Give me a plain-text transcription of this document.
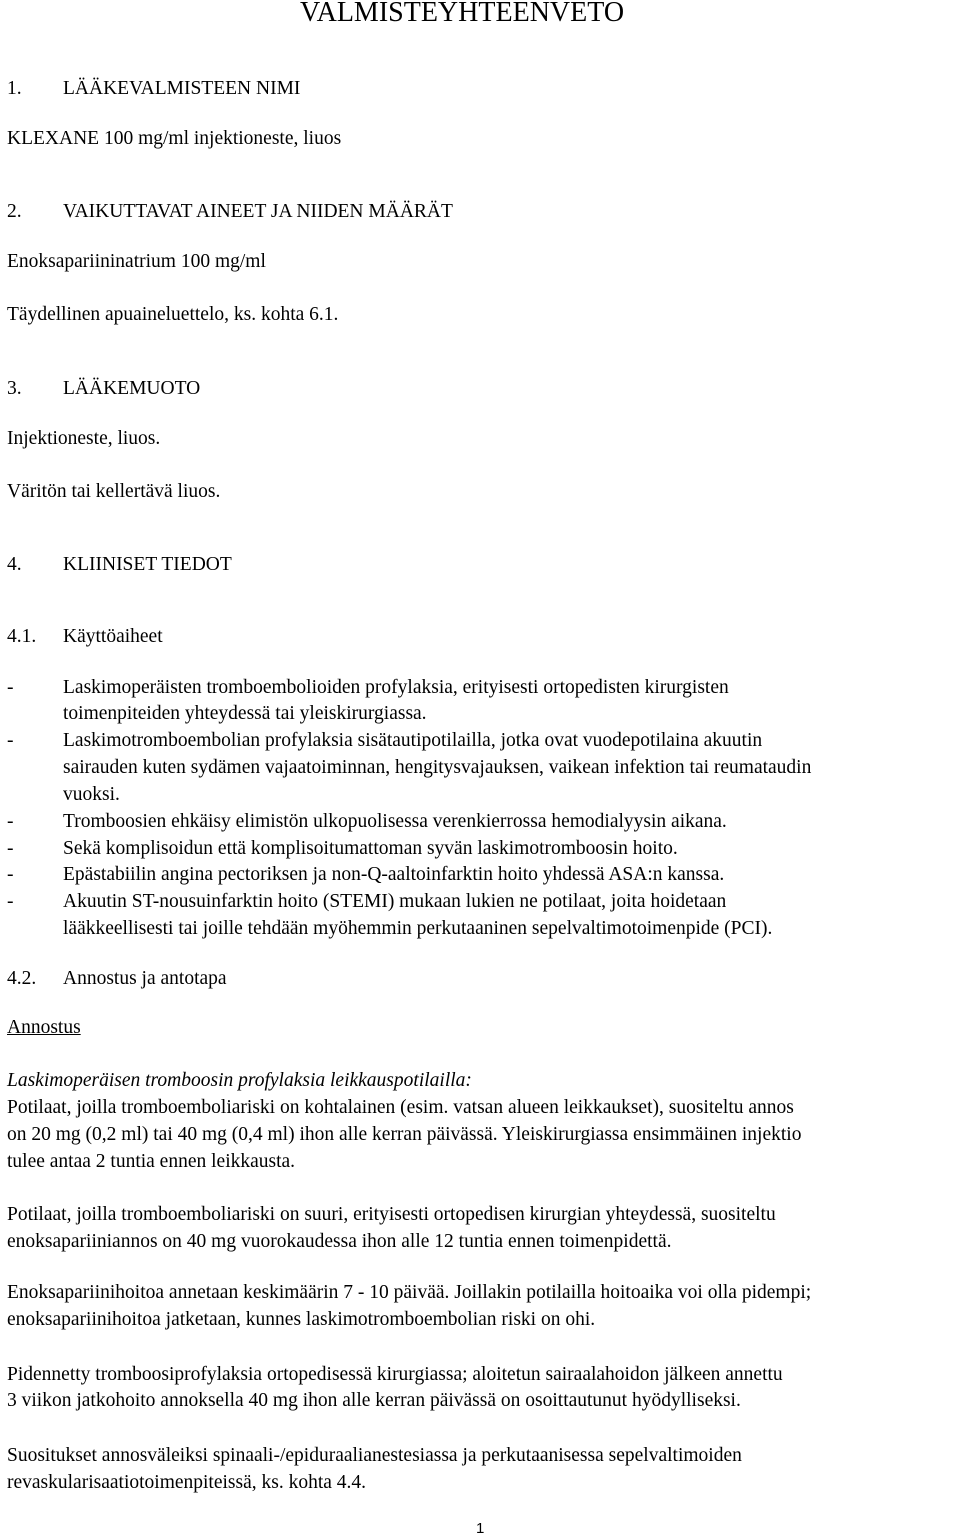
VALMISTEYHTEENVETO
1. LÄÄKEVALMISTEEN NIMI
KLEXANE 100 mg/ml injektioneste, liuos
2. VAIKUTTAVAT AINEET JA NIIDEN MÄÄRÄT
Enoksapariininatrium 100 mg/ml
Täydellinen apuaineluettelo, ks. kohta 6.1.
3. LÄÄKEMUOTO
Injektioneste, liuos.
Väritön tai kellertävä liuos.
4. KLIINISET TIEDOT
4.1. Käyttöaiheet
-	Laskimoperäisten tromboembolioiden profylaksia, erityisesti ortopedisten kirurgisten
toimenpiteiden yhteydessä tai yleiskirurgiassa.
-	Laskimotromboembolian profylaksia sisätautipotilailla, jotka ovat vuodepotilaina akuutin
sairauden kuten sydämen vajaatoiminnan, hengitysvajauksen, vaikean infektion tai reumataudin
vuoksi.
-	Tromboosien ehkäisy elimistön ulkopuolisessa verenkierrossa hemodialyysin aikana.
-	Sekä komplisoidun että komplisoitumattoman syvän laskimotromboosin hoito.
-	Epästabiilin angina pectoriksen ja non-Q-aaltoinfarktin hoito yhdessä ASA:n kanssa.
-	Akuutin ST-nousuinfarktin hoito (STEMI) mukaan lukien ne potilaat, joita hoidetaan
lääkkeellisesti tai joille tehdään myöhemmin perkutaaninen sepelvaltimotoimenpide (PCI).
4.2. Annostus ja antotapa
Annostus
Laskimoperäisen tromboosin profylaksia leikkauspotilailla:
Potilaat, joilla tromboemboliariski on kohtalainen (esim. vatsan alueen leikkaukset), suositeltu annos
on 20 mg (0,2 ml) tai 40 mg (0,4 ml) ihon alle kerran päivässä. Yleiskirurgiassa ensimmäinen injektio
tulee antaa 2 tuntia ennen leikkausta.
Potilaat, joilla tromboemboliariski on suuri, erityisesti ortopedisen kirurgian yhteydessä, suositeltu
enoksapariiniannos on 40 mg vuorokaudessa ihon alle 12 tuntia ennen toimenpidettä.
Enoksapariinihoitoa annetaan keskimäärin 7 - 10 päivää. Joillakin potilailla hoitoaika voi olla pidempi;
enoksapariinihoitoa jatketaan, kunnes laskimotromboembolian riski on ohi.
Pidennetty tromboosiprofylaksia ortopedisessä kirurgiassa; aloitetun sairaalahoidon jälkeen annettu
3 viikon jatkohoito annoksella 40 mg ihon alle kerran päivässä on osoittautunut hyödylliseksi.
Suositukset annosväleiksi spinaali-/epiduraalianestesiassa ja perkutaanisessa sepelvaltimoiden
revaskularisaatiotoimenpiteissä, ks. kohta 4.4.
1
